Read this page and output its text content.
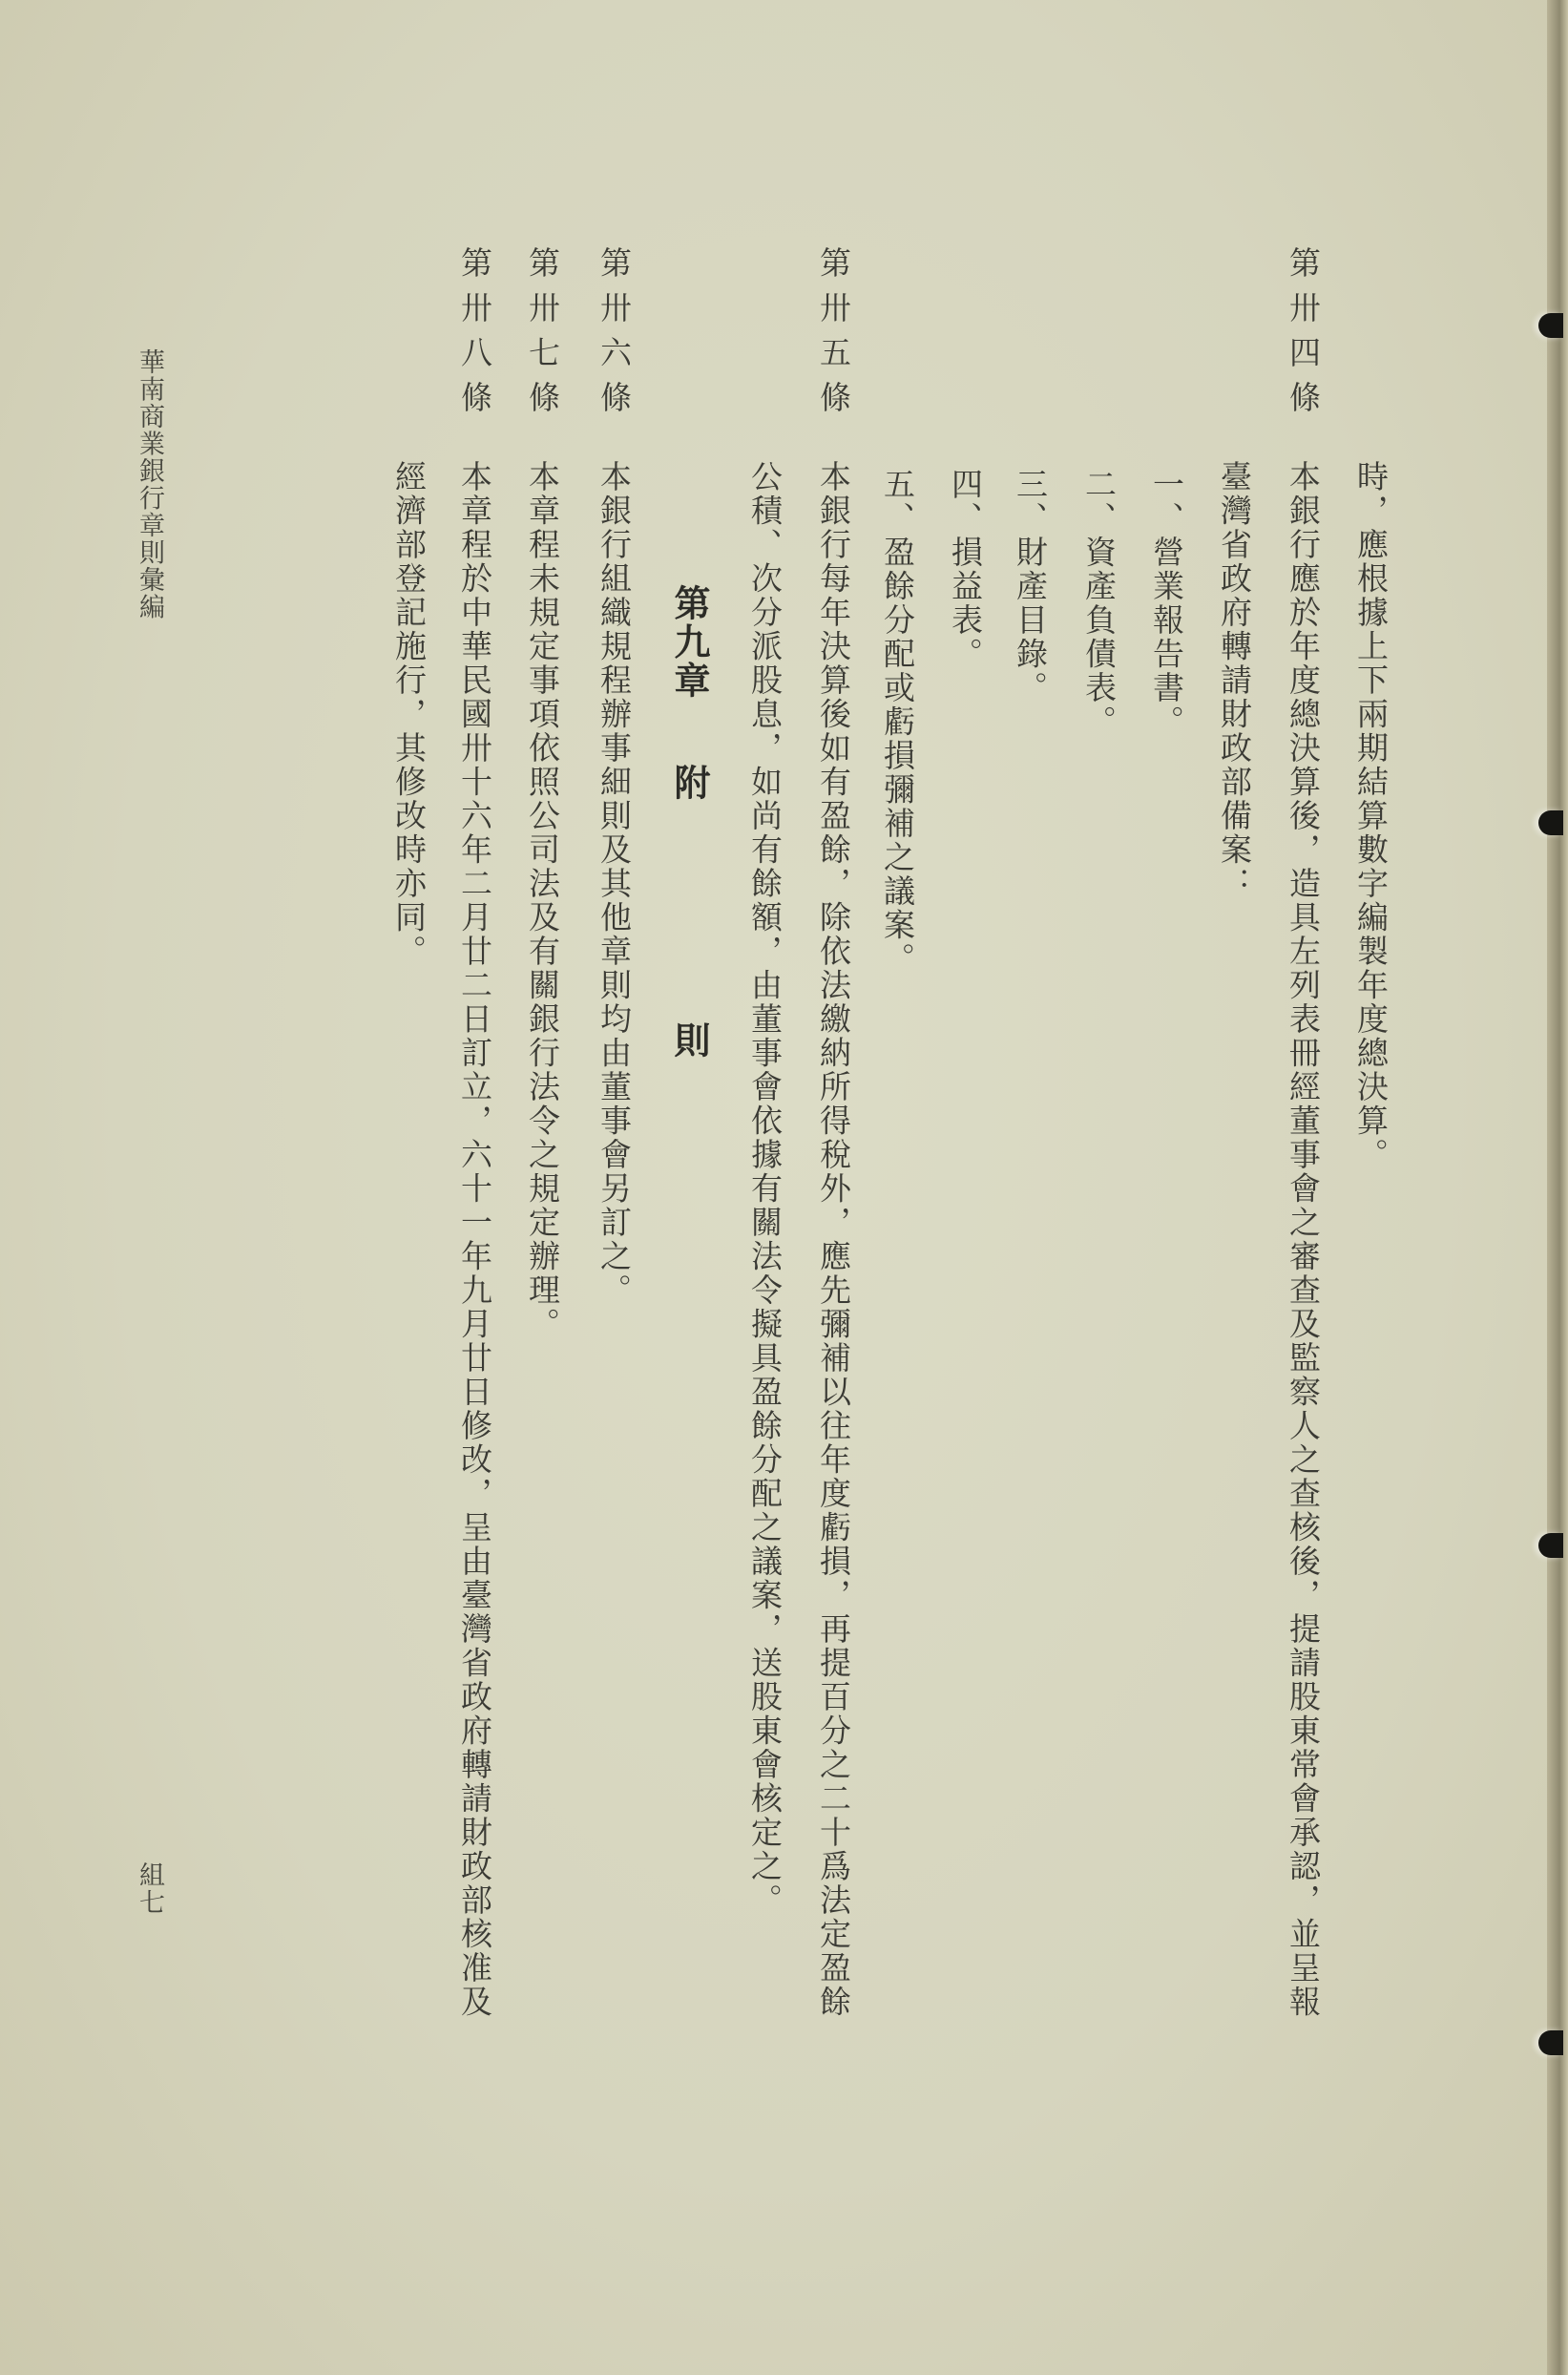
時，應根據上下兩期結算數字編製年度總決算。
第卅四條
本銀行應於年度總決算後，造具左列表冊經董事會之審查及監察人之查核後，提請股東常會承認，並呈報
臺灣省政府轉請財政部備案：
一、營業報告書。
二、資產負債表。
三、財產目錄。
四、損益表。
五、盈餘分配或虧損彌補之議案。
第卅五條
本銀行每年決算後如有盈餘，除依法繳納所得稅外，應先彌補以往年度虧損，再提百分之二十爲法定盈餘
公積、次分派股息，如尚有餘額，由董事會依據有關法令擬具盈餘分配之議案，送股東會核定之。
第九章
附
則
第卅六條
本銀行組織規程辦事細則及其他章則均由董事會另訂之。
第卅七條
本章程未規定事項依照公司法及有關銀行法令之規定辦理。
第卅八條
本章程於中華民國卅十六年二月廿二日訂立，六十一年九月廿日修改，呈由臺灣省政府轉請財政部核准及
經濟部登記施行，其修改時亦同。
華南商業銀行章則彙編
組七
